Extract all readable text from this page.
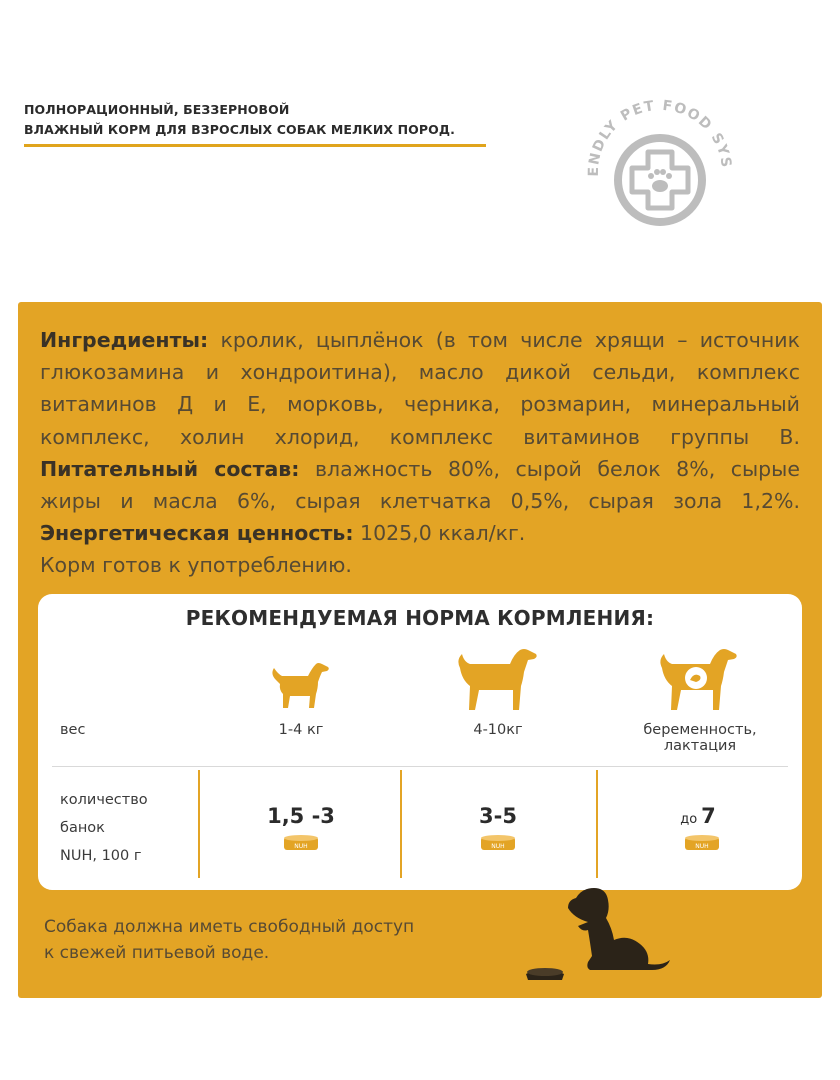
ПОЛНОРАЦИОННЫЙ, БЕЗЗЕРНОВОЙ
ВЛАЖНЫЙ КОРМ ДЛЯ ВЗРОСЛЫХ СОБАК МЕЛКИХ ПОРОД.
ENDLY PET FOOD SYS
Ингредиенты: кролик, цыплёнок (в том числе хрящи – источник глюкозамина и хондроитина), масло дикой сельди, комплекс витаминов Д и Е, морковь, черника, розмарин, минеральный комплекс, холин хлорид, комплекс витаминов группы В. Питательный состав: влажность 80%, сырой белок 8%, сырые жиры и масла 6%, сырая клетчатка 0,5%, сырая зола 1,2%. Энергетическая ценность: 1025,0 ккал/кг.
Корм готов к употреблению.
РЕКОМЕНДУЕМАЯ НОРМА КОРМЛЕНИЯ:
вес	1-4 кг	4-10кг	беременность,
лактация
количество
банок
NUH, 100 г
1,5 -3	3-5	до 7
NUH	NUH	NUH
Собака должна иметь свободный доступ
к свежей питьевой воде.
